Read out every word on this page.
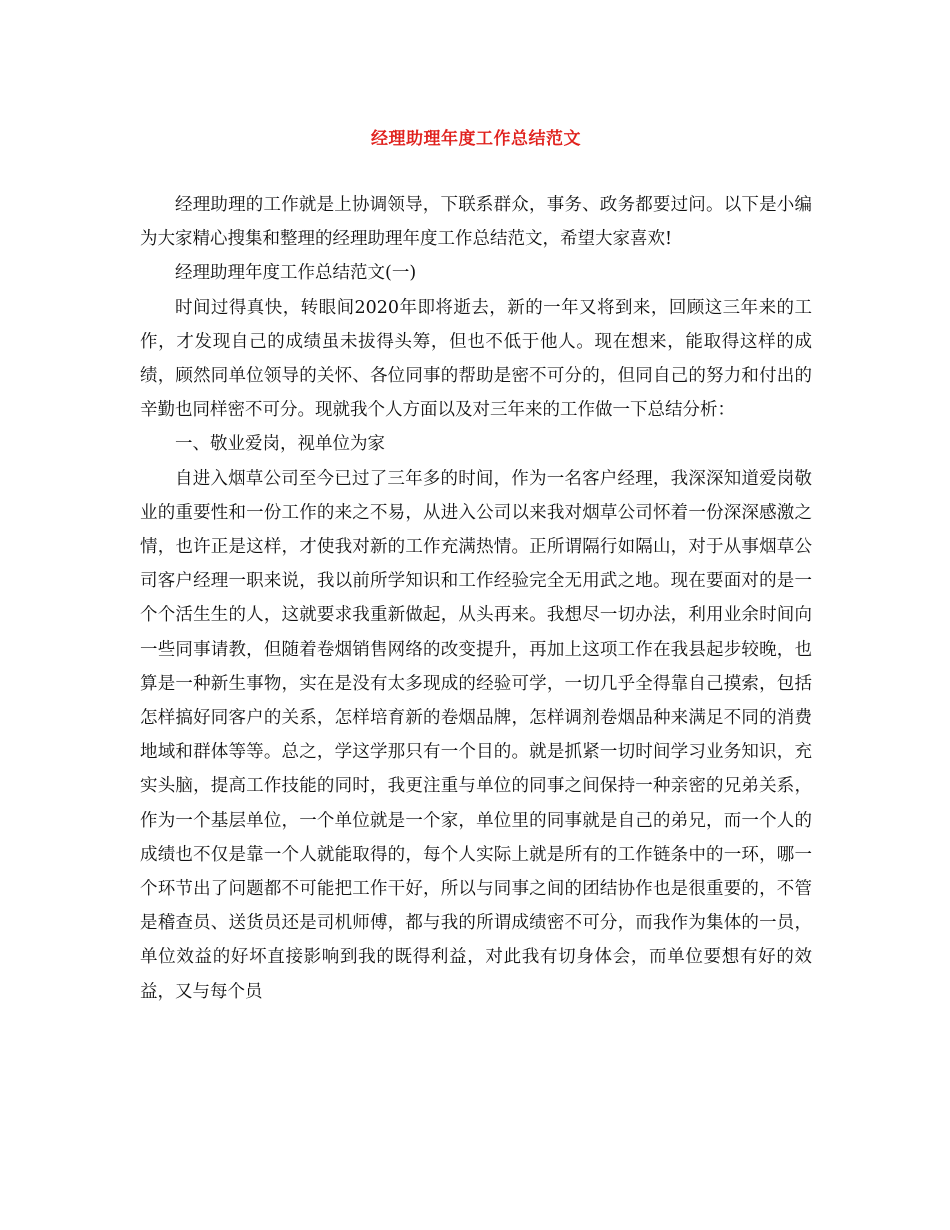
经理助理年度工作总结范文

经理助理的工作就是上协调领导，下联系群众，事务、政务都要过问。以下是小编为大家精心搜集和整理的经理助理年度工作总结范文，希望大家喜欢!

经理助理年度工作总结范文(一)

时间过得真快，转眼间2020年即将逝去，新的一年又将到来，回顾这三年来的工作，才发现自己的成绩虽未拔得头筹，但也不低于他人。现在想来，能取得这样的成绩，顾然同单位领导的关怀、各位同事的帮助是密不可分的，但同自己的努力和付出的辛勤也同样密不可分。现就我个人方面以及对三年来的工作做一下总结分析：

一、敬业爱岗，视单位为家

自进入烟草公司至今已过了三年多的时间，作为一名客户经理，我深深知道爱岗敬业的重要性和一份工作的来之不易，从进入公司以来我对烟草公司怀着一份深深感激之情，也许正是这样，才使我对新的工作充满热情。正所谓隔行如隔山，对于从事烟草公司客户经理一职来说，我以前所学知识和工作经验完全无用武之地。现在要面对的是一个个活生生的人，这就要求我重新做起，从头再来。我想尽一切办法，利用业余时间向一些同事请教，但随着卷烟销售网络的改变提升，再加上这项工作在我县起步较晚，也算是一种新生事物，实在是没有太多现成的经验可学，一切几乎全得靠自己摸索，包括怎样搞好同客户的关系，怎样培育新的卷烟品牌，怎样调剂卷烟品种来满足不同的消费地域和群体等等。总之，学这学那只有一个目的。就是抓紧一切时间学习业务知识，充实头脑，提高工作技能的同时，我更注重与单位的同事之间保持一种亲密的兄弟关系，作为一个基层单位，一个单位就是一个家，单位里的同事就是自己的弟兄，而一个人的成绩也不仅是靠一个人就能取得的，每个人实际上就是所有的工作链条中的一环，哪一个环节出了问题都不可能把工作干好，所以与同事之间的团结协作也是很重要的，不管是稽查员、送货员还是司机师傅，都与我的所谓成绩密不可分，而我作为集体的一员，单位效益的好坏直接影响到我的既得利益，对此我有切身体会，而单位要想有好的效益，又与每个员
